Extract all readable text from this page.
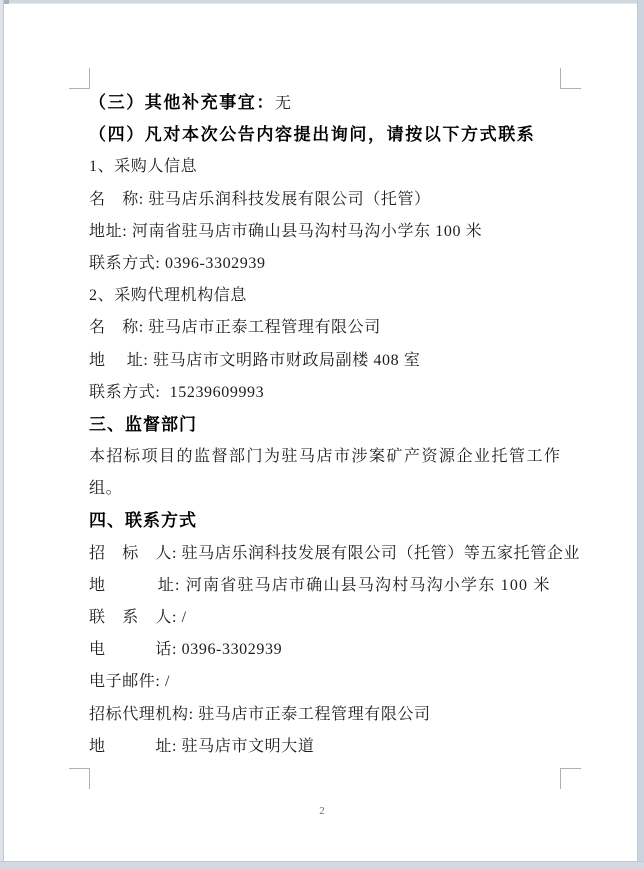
（三）其他补充事宜：无
（四）凡对本次公告内容提出询问，请按以下方式联系
1、采购人信息
名　称: 驻马店乐润科技发展有限公司（托管）
地址: 河南省驻马店市确山县马沟村马沟小学东 100 米
联系方式: 0396-3302939
2、采购代理机构信息
名　称: 驻马店市正泰工程管理有限公司
地　 址: 驻马店市文明路市财政局副楼 408 室
联系方式:  15239609993
三、监督部门
本招标项目的监督部门为驻马店市涉案矿产资源企业托管工作
组。
四、联系方式
招　标　人: 驻马店乐润科技发展有限公司（托管）等五家托管企业
地　　　址: 河南省驻马店市确山县马沟村马沟小学东 100 米
联　系　人: /
电　　　话: 0396-3302939
电子邮件: /
招标代理机构: 驻马店市正泰工程管理有限公司
地　　　址: 驻马店市文明大道
2
